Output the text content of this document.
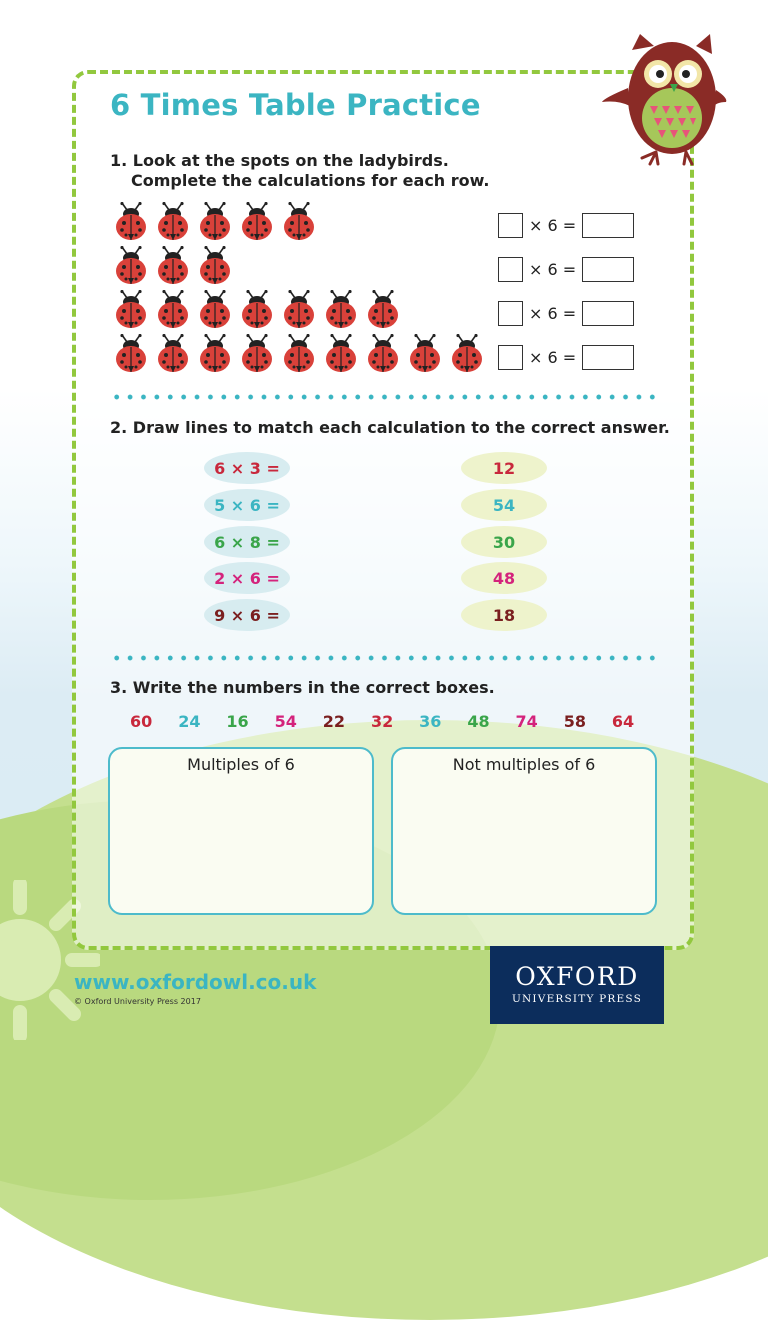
6 Times Table Practice
1. Look at the spots on the ladybirds.
Complete the calculations for each row.
× 6 =
× 6 =
× 6 =
× 6 =
2. Draw lines to match each calculation to the correct answer.
6 × 3 =
5 × 6 =
6 × 8 =
2 × 6 =
9 × 6 =
12
54
30
48
18
3. Write the numbers in the correct boxes.
60	24	16	54	22	32	36	48	74	58	64
Multiples of 6	Not multiples of 6
www.oxfordowl.co.uk
© Oxford University Press 2017
OXFORD
UNIVERSITY PRESS
